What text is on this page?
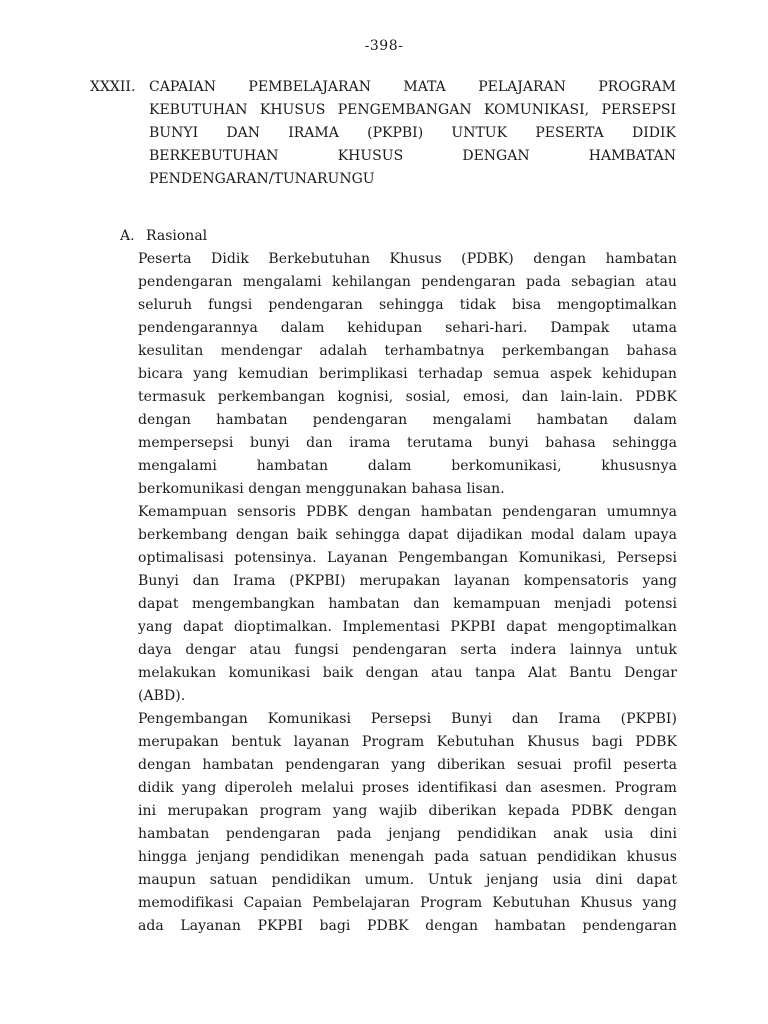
-398-
XXXII. CAPAIAN PEMBELAJARAN MATA PELAJARAN PROGRAM
KEBUTUHAN KHUSUS PENGEMBANGAN KOMUNIKASI, PERSEPSI
BUNYI DAN IRAMA (PKPBI) UNTUK PESERTA DIDIK
BERKEBUTUHAN KHUSUS DENGAN HAMBATAN
PENDENGARAN/TUNARUNGU
A. Rasional
Peserta Didik Berkebutuhan Khusus (PDBK) dengan hambatan
pendengaran mengalami kehilangan pendengaran pada sebagian atau
seluruh fungsi pendengaran sehingga tidak bisa mengoptimalkan
pendengarannya dalam kehidupan sehari-hari. Dampak utama
kesulitan mendengar adalah terhambatnya perkembangan bahasa
bicara yang kemudian berimplikasi terhadap semua aspek kehidupan
termasuk perkembangan kognisi, sosial, emosi, dan lain-lain. PDBK
dengan hambatan pendengaran mengalami hambatan dalam
mempersepsi bunyi dan irama terutama bunyi bahasa sehingga
mengalami hambatan dalam berkomunikasi, khususnya
berkomunikasi dengan menggunakan bahasa lisan.
Kemampuan sensoris PDBK dengan hambatan pendengaran umumnya
berkembang dengan baik sehingga dapat dijadikan modal dalam upaya
optimalisasi potensinya. Layanan Pengembangan Komunikasi, Persepsi
Bunyi dan Irama (PKPBI) merupakan layanan kompensatoris yang
dapat mengembangkan hambatan dan kemampuan menjadi potensi
yang dapat dioptimalkan. Implementasi PKPBI dapat mengoptimalkan
daya dengar atau fungsi pendengaran serta indera lainnya untuk
melakukan komunikasi baik dengan atau tanpa Alat Bantu Dengar
(ABD).
Pengembangan Komunikasi Persepsi Bunyi dan Irama (PKPBI)
merupakan bentuk layanan Program Kebutuhan Khusus bagi PDBK
dengan hambatan pendengaran yang diberikan sesuai profil peserta
didik yang diperoleh melalui proses identifikasi dan asesmen. Program
ini merupakan program yang wajib diberikan kepada PDBK dengan
hambatan pendengaran pada jenjang pendidikan anak usia dini
hingga jenjang pendidikan menengah pada satuan pendidikan khusus
maupun satuan pendidikan umum. Untuk jenjang usia dini dapat
memodifikasi Capaian Pembelajaran Program Kebutuhan Khusus yang
ada Layanan PKPBI bagi PDBK dengan hambatan pendengaran
